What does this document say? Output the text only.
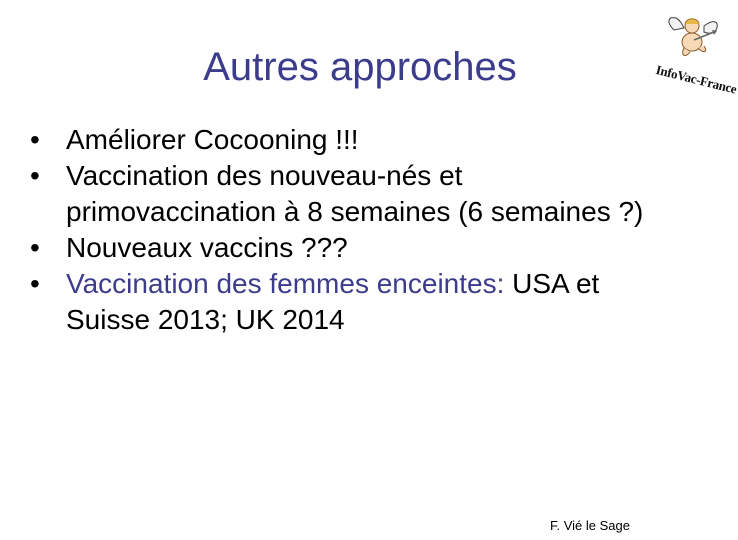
Autres approches	InfoVac-France
• Améliorer Cocooning !!!
• Vaccination des nouveau-nés et primovaccination à 8 semaines (6 semaines ?)
• Nouveaux vaccins ???
• Vaccination des femmes enceintes: USA et Suisse 2013; UK 2014
F. Vié le Sage
